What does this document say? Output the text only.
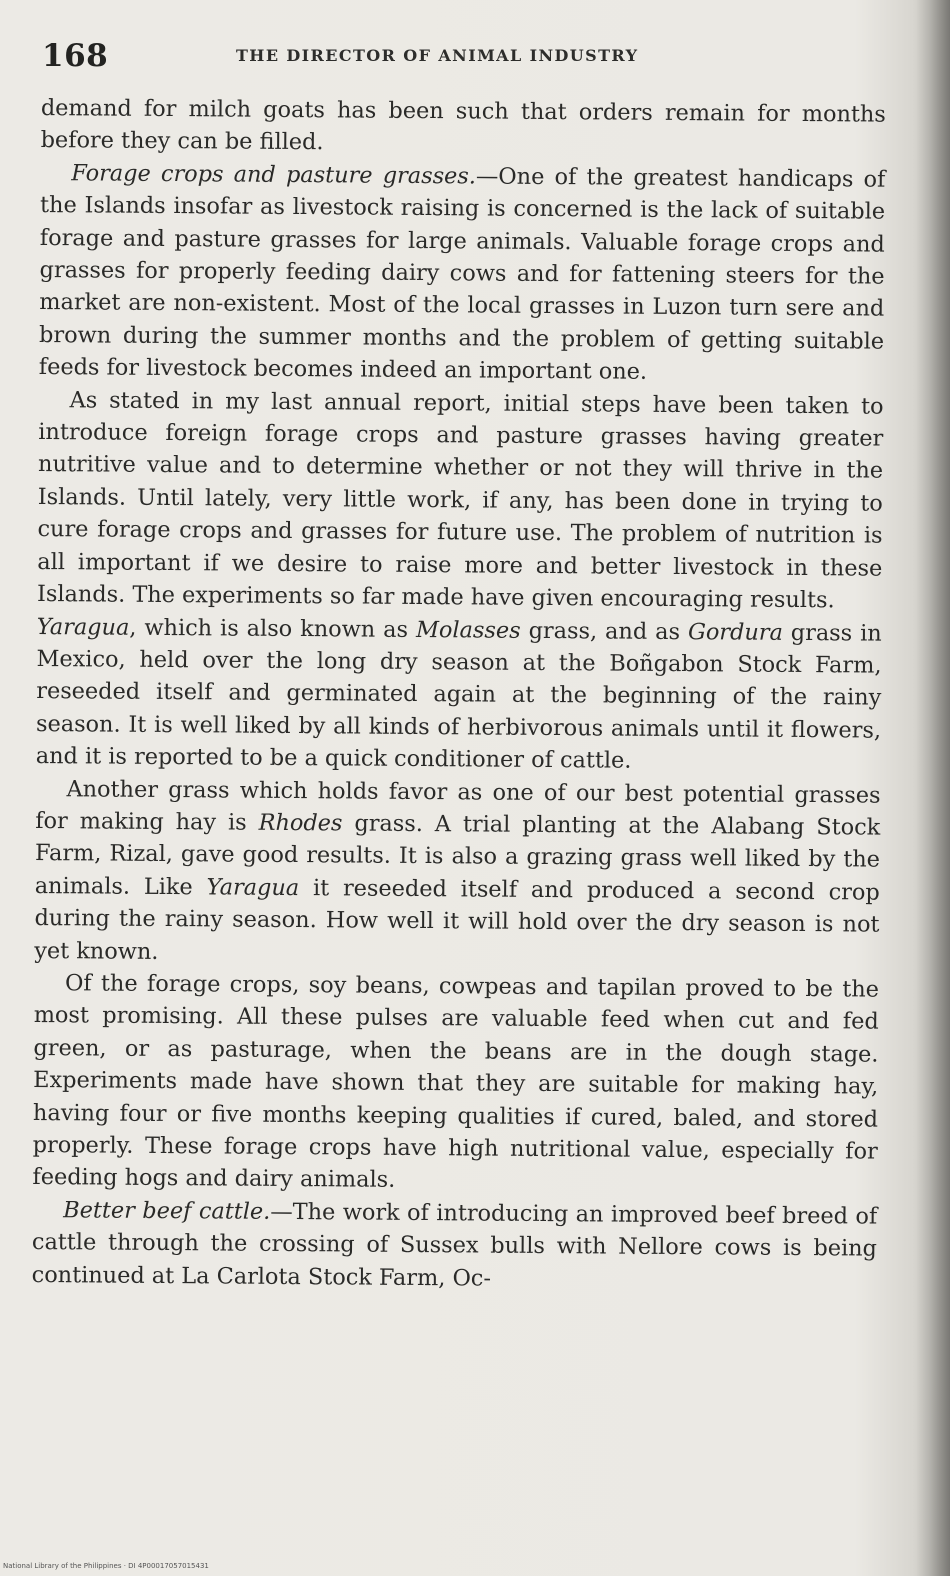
168	THE DIRECTOR OF ANIMAL INDUSTRY

demand for milch goats has been such that orders remain for months before they can be filled.

Forage crops and pasture grasses.—One of the greatest handicaps of the Islands insofar as livestock raising is concerned is the lack of suitable forage and pasture grasses for large animals. Valuable forage crops and grasses for properly feeding dairy cows and for fattening steers for the market are non-existent. Most of the local grasses in Luzon turn sere and brown during the summer months and the problem of getting suitable feeds for livestock becomes indeed an important one.

As stated in my last annual report, initial steps have been taken to introduce foreign forage crops and pasture grasses having greater nutritive value and to determine whether or not they will thrive in the Islands. Until lately, very little work, if any, has been done in trying to cure forage crops and grasses for future use. The problem of nutrition is all important if we desire to raise more and better livestock in these Islands. The experiments so far made have given encouraging results.

Yaragua, which is also known as Molasses grass, and as Gordura grass in Mexico, held over the long dry season at the Boñgabon Stock Farm, reseeded itself and germinated again at the beginning of the rainy season. It is well liked by all kinds of herbivorous animals until it flowers, and it is reported to be a quick conditioner of cattle.

Another grass which holds favor as one of our best potential grasses for making hay is Rhodes grass. A trial planting at the Alabang Stock Farm, Rizal, gave good results. It is also a grazing grass well liked by the animals. Like Yaragua it reseeded itself and produced a second crop during the rainy season. How well it will hold over the dry season is not yet known.

Of the forage crops, soy beans, cowpeas and tapilan proved to be the most promising. All these pulses are valuable feed when cut and fed green, or as pasturage, when the beans are in the dough stage. Experiments made have shown that they are suitable for making hay, having four or five months keeping qualities if cured, baled, and stored properly. These forage crops have high nutritional value, especially for feeding hogs and dairy animals.

Better beef cattle.—The work of introducing an improved beef breed of cattle through the crossing of Sussex bulls with Nellore cows is being continued at La Carlota Stock Farm, Oc-

National Library of the Philippines · DI 4P00017057015431
